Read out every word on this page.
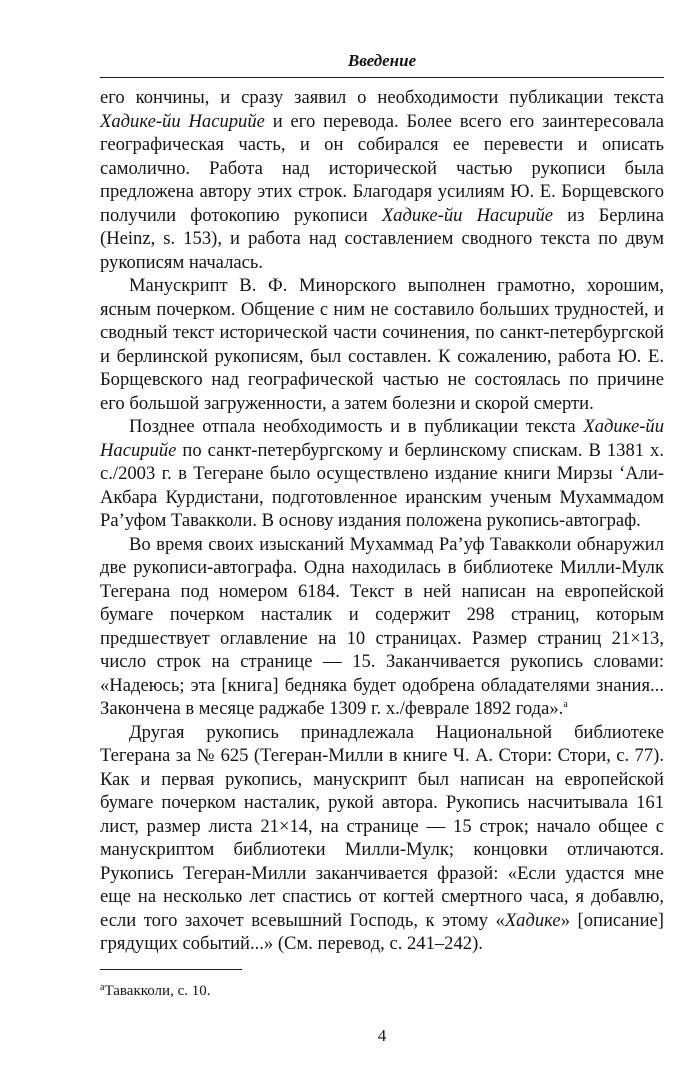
Введение

его кончины, и сразу заявил о необходимости публикации текста Хадике-йи Насирийе и его перевода. Более всего его заинтересовала географическая часть, и он собирался ее перевести и описать самолично. Работа над исторической частью рукописи была предложена автору этих строк. Благодаря усилиям Ю. Е. Борщевского получили фотокопию рукописи Хадике-йи Насирийе из Берлина (Heinz, s. 153), и работа над составлением сводного текста по двум рукописям началась.

Манускрипт В. Ф. Минорского выполнен грамотно, хорошим, ясным почерком. Общение с ним не составило больших трудностей, и сводный текст исторической части сочинения, по санкт-петербургской и берлинской рукописям, был составлен. К сожалению, работа Ю. Е. Борщевского над географической частью не состоялась по причине его большой загруженности, а затем болезни и скорой смерти.

Позднее отпала необходимость и в публикации текста Хадике-йи Насирийе по санкт-петербургскому и берлинскому спискам. В 1381 х. с./2003 г. в Тегеране было осуществлено издание книги Мирзы ‘Али-Акбара Курдистани, подготовленное иранским ученым Мухаммадом Ра’уфом Тавакколи. В основу издания положена рукопись-автограф.

Во время своих изысканий Мухаммад Ра’уф Тавакколи обнаружил две рукописи-автографа. Одна находилась в библиотеке Милли-Мулк Тегерана под номером 6184. Текст в ней написан на европейской бумаге почерком насталик и содержит 298 страниц, которым предшествует оглавление на 10 страницах. Размер страниц 21×13, число строк на странице — 15. Заканчивается рукопись словами: «Надеюсь; эта [книга] бедняка будет одобрена обладателями знания... Закончена в месяце раджабе 1309 г. х./феврале 1892 года».$^а$

Другая рукопись принадлежала Национальной библиотеке Тегерана за № 625 (Тегеран-Милли в книге Ч. А. Стори: Стори, с. 77). Как и первая рукопись, манускрипт был написан на европейской бумаге почерком насталик, рукой автора. Рукопись насчитывала 161 лист, размер листа 21×14, на странице — 15 строк; начало общее с манускриптом библиотеки Милли-Мулк; концовки отличаются. Рукопись Тегеран-Милли заканчивается фразой: «Если удастся мне еще на несколько лет спастись от когтей смертного часа, я добавлю, если того захочет всевышний Господь, к этому «Хадике» [описание] грядущих событий...» (См. перевод, с. 241–242).

$^а$Тавакколи, с. 10.
4
